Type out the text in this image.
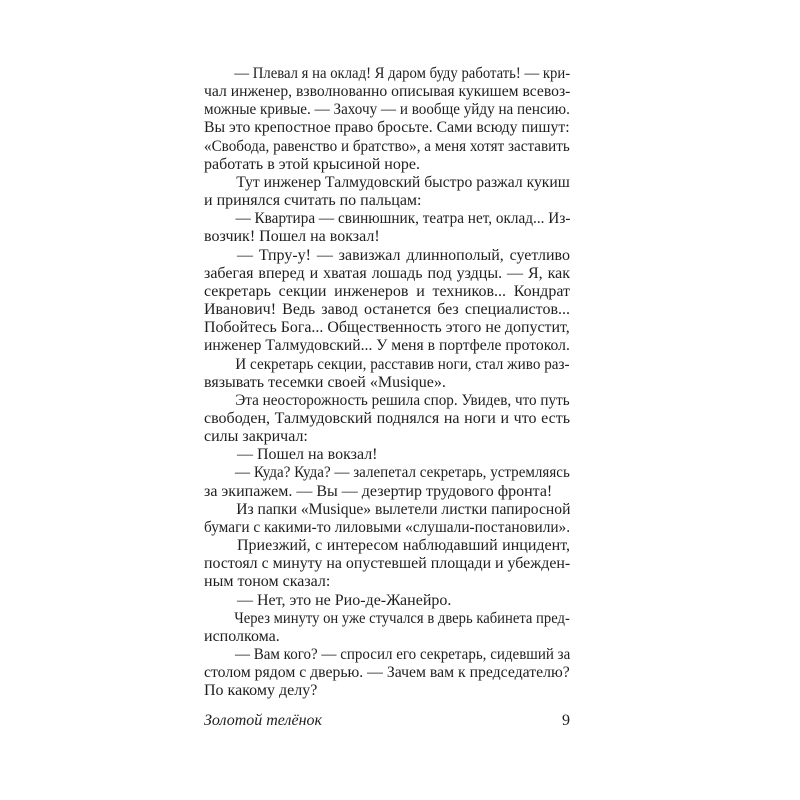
— Плевал я на оклад! Я даром буду работать! — кри-
чал инженер, взволнованно описывая кукишем всевоз-
можные кривые. — Захочу — и вообще уйду на пенсию.
Вы это крепостное право бросьте. Сами всюду пишут:
«Свобода, равенство и братство», а меня хотят заставить
работать в этой крысиной норе.
Тут инженер Талмудовский быстро разжал кукиш
и принялся считать по пальцам:
— Квартира — свинюшник, театра нет, оклад... Из-
возчик! Пошел на вокзал!
— Тпру-у! — завизжал длиннополый, суетливо
забегая вперед и хватая лошадь под уздцы. — Я, как
секретарь секции инженеров и техников... Кондрат
Иванович! Ведь завод останется без специалистов...
Побойтесь Бога... Общественность этого не допустит,
инженер Талмудовский... У меня в портфеле протокол.
И секретарь секции, расставив ноги, стал живо раз-
вязывать тесемки своей «Musique».
Эта неосторожность решила спор. Увидев, что путь
свободен, Талмудовский поднялся на ноги и что есть
силы закричал:
— Пошел на вокзал!
— Куда? Куда? — залепетал секретарь, устремляясь
за экипажем. — Вы — дезертир трудового фронта!
Из папки «Musique» вылетели листки папиросной
бумаги с какими-то лиловыми «слушали-постановили».
Приезжий, с интересом наблюдавший инцидент,
постоял с минуту на опустевшей площади и убежден-
ным тоном сказал:
— Нет, это не Рио-де-Жанейро.
Через минуту он уже стучался в дверь кабинета пред-
исполкома.
— Вам кого? — спросил его секретарь, сидевший за
столом рядом с дверью. — Зачем вам к председателю?
По какому делу?
Золотой телёнок	9
